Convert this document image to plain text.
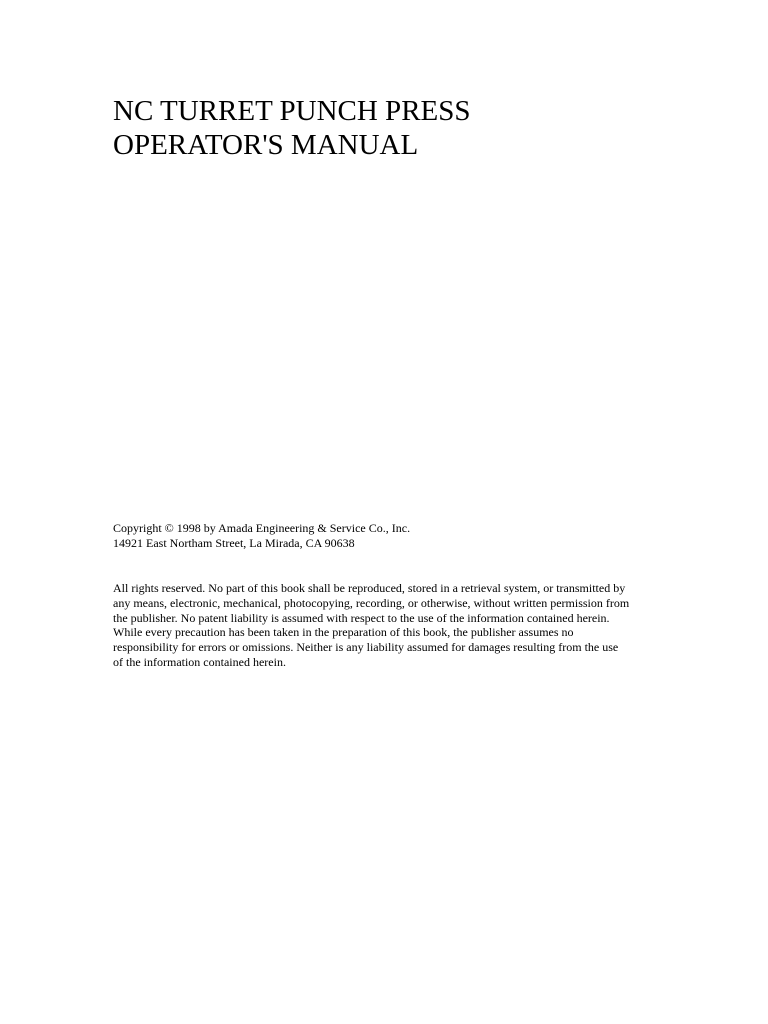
NC TURRET PUNCH PRESS
OPERATOR'S MANUAL

Copyright © 1998 by Amada Engineering & Service Co., Inc.
14921 East Northam Street, La Mirada, CA 90638

All rights reserved. No part of this book shall be reproduced, stored in a retrieval system, or transmitted by
any means, electronic, mechanical, photocopying, recording, or otherwise, without written permission from
the publisher. No patent liability is assumed with respect to the use of the information contained herein.
While every precaution has been taken in the preparation of this book, the publisher assumes no
responsibility for errors or omissions. Neither is any liability assumed for damages resulting from the use
of the information contained herein.
